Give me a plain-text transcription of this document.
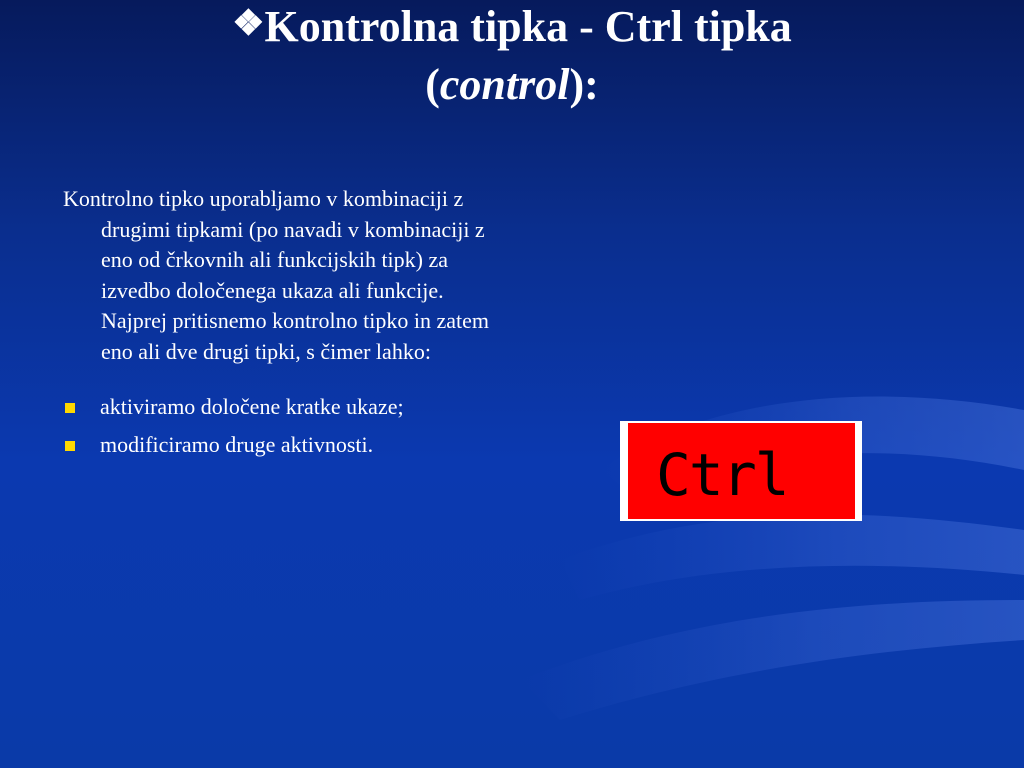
❖Kontrolna tipka - Ctrl tipka
(control):

Kontrolno tipko uporabljamo v kombinaciji z drugimi tipkami (po navadi v kombinaciji z eno od črkovnih ali funkcijskih tipk) za izvedbo določenega ukaza ali funkcije. Najprej pritisnemo kontrolno tipko in zatem eno ali dve drugi tipki, s čimer lahko:

aktiviramo določene kratke ukaze;
modificiramo druge aktivnosti.	Ctrl
